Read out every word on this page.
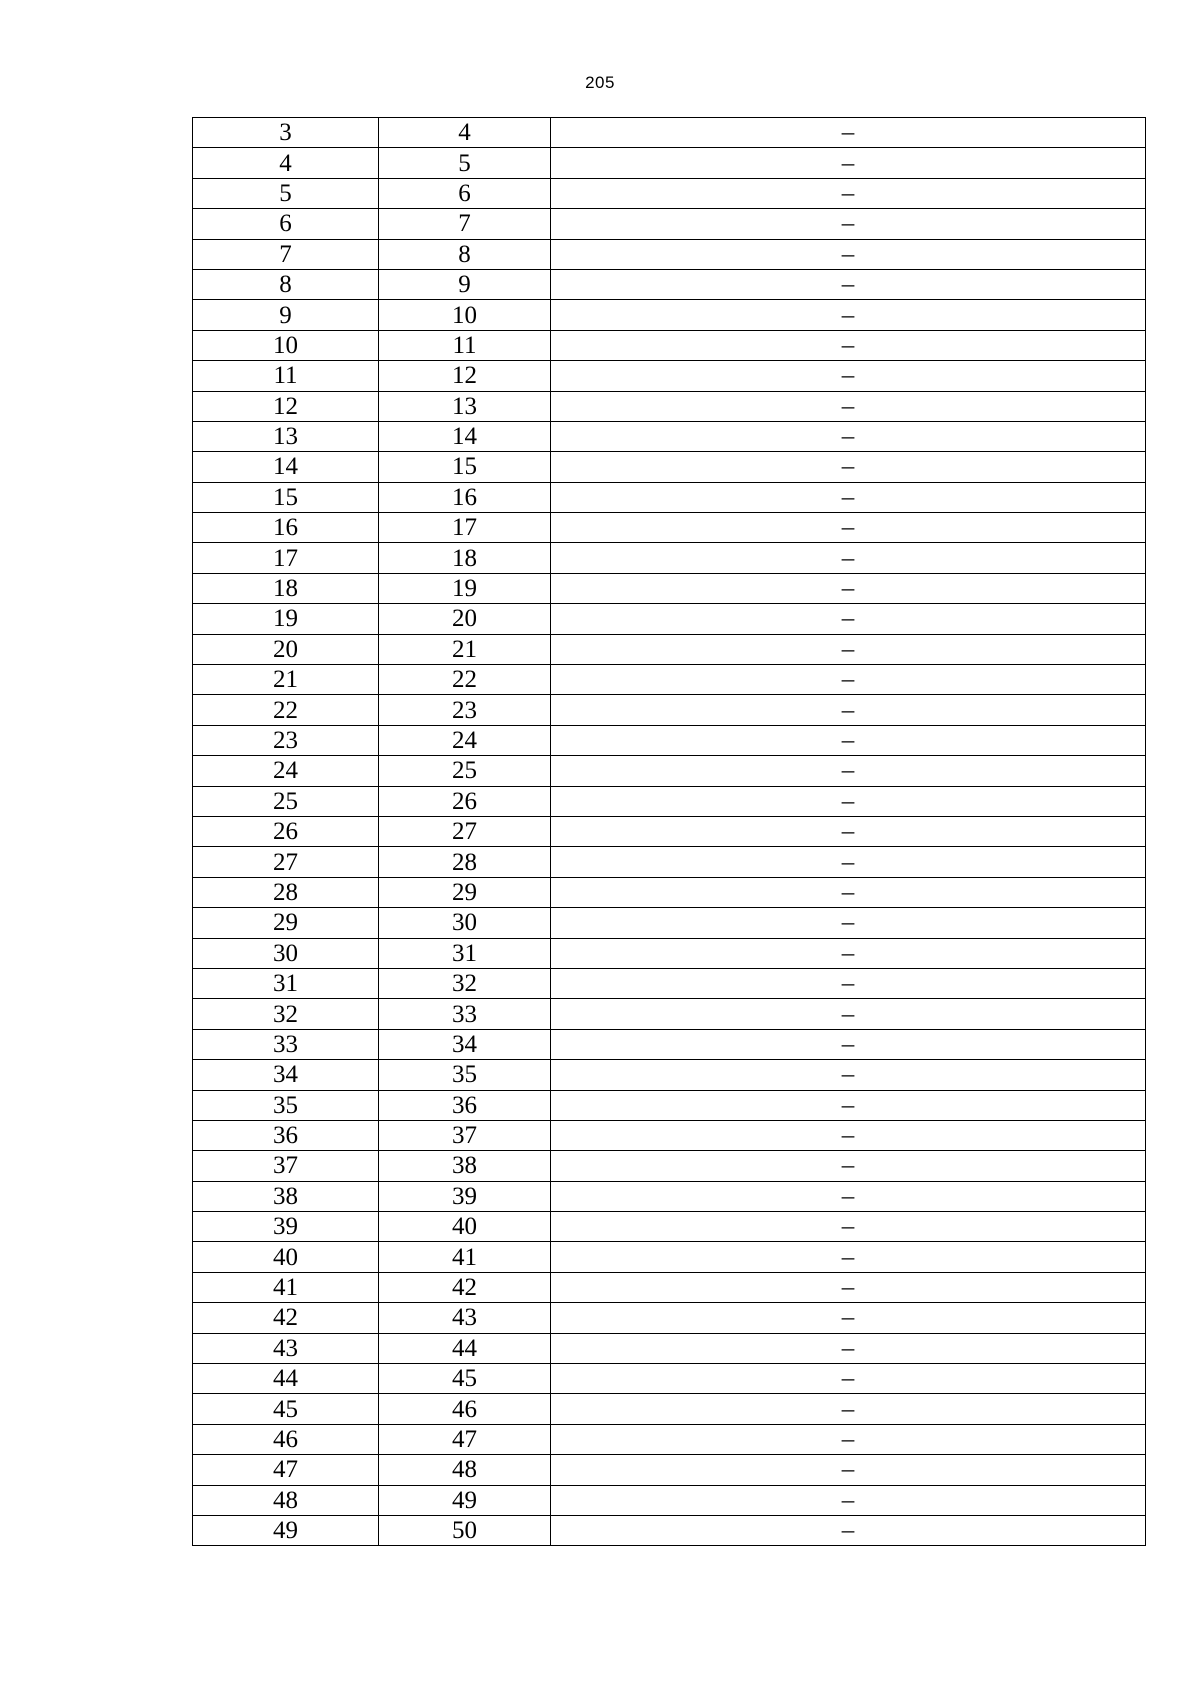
205
3	4	–
4	5	–
5	6	–
6	7	–
7	8	–
8	9	–
9	10	–
10	11	–
11	12	–
12	13	–
13	14	–
14	15	–
15	16	–
16	17	–
17	18	–
18	19	–
19	20	–
20	21	–
21	22	–
22	23	–
23	24	–
24	25	–
25	26	–
26	27	–
27	28	–
28	29	–
29	30	–
30	31	–
31	32	–
32	33	–
33	34	–
34	35	–
35	36	–
36	37	–
37	38	–
38	39	–
39	40	–
40	41	–
41	42	–
42	43	–
43	44	–
44	45	–
45	46	–
46	47	–
47	48	–
48	49	–
49	50	–
